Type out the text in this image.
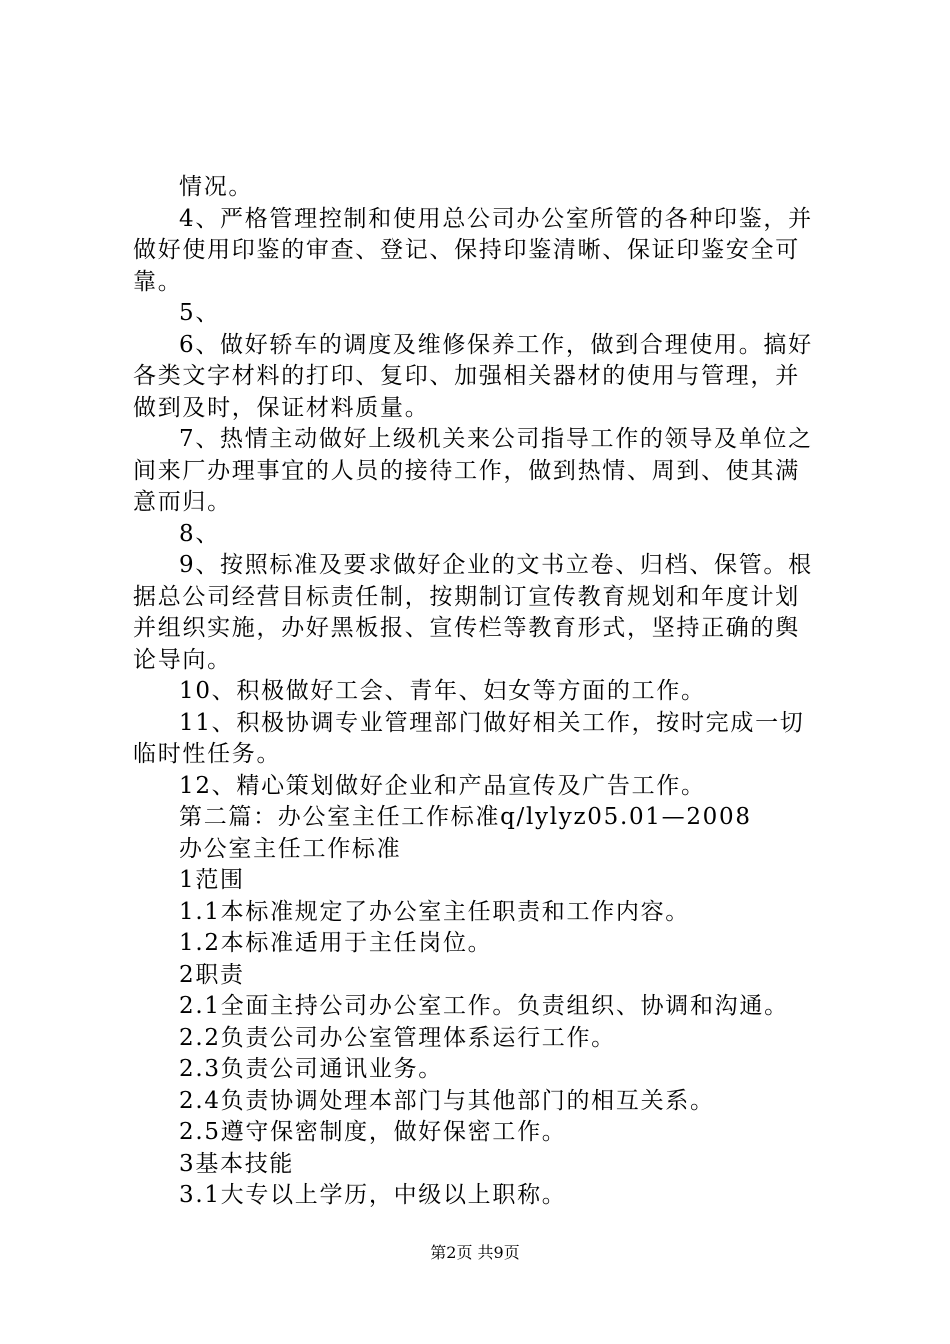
情况。
4、严格管理控制和使用总公司办公室所管的各种印鉴，并
做好使用印鉴的审查、登记、保持印鉴清晰、保证印鉴安全可
靠。
5、
6、做好轿车的调度及维修保养工作，做到合理使用。搞好
各类文字材料的打印、复印、加强相关器材的使用与管理，并
做到及时，保证材料质量。
7、热情主动做好上级机关来公司指导工作的领导及单位之
间来厂办理事宜的人员的接待工作，做到热情、周到、使其满
意而归。
8、
9、按照标准及要求做好企业的文书立卷、归档、保管。根
据总公司经营目标责任制，按期制订宣传教育规划和年度计划
并组织实施，办好黑板报、宣传栏等教育形式，坚持正确的舆
论导向。
10、积极做好工会、青年、妇女等方面的工作。
11、积极协调专业管理部门做好相关工作，按时完成一切
临时性任务。
12、精心策划做好企业和产品宣传及广告工作。
第二篇：办公室主任工作标准q/lylyz05.01—2008
办公室主任工作标准
1范围
1.1本标准规定了办公室主任职责和工作内容。
1.2本标准适用于主任岗位。
2职责
2.1全面主持公司办公室工作。负责组织、协调和沟通。
2.2负责公司办公室管理体系运行工作。
2.3负责公司通讯业务。
2.4负责协调处理本部门与其他部门的相互关系。
2.5遵守保密制度，做好保密工作。
3基本技能
3.1大专以上学历，中级以上职称。
第2页 共9页
